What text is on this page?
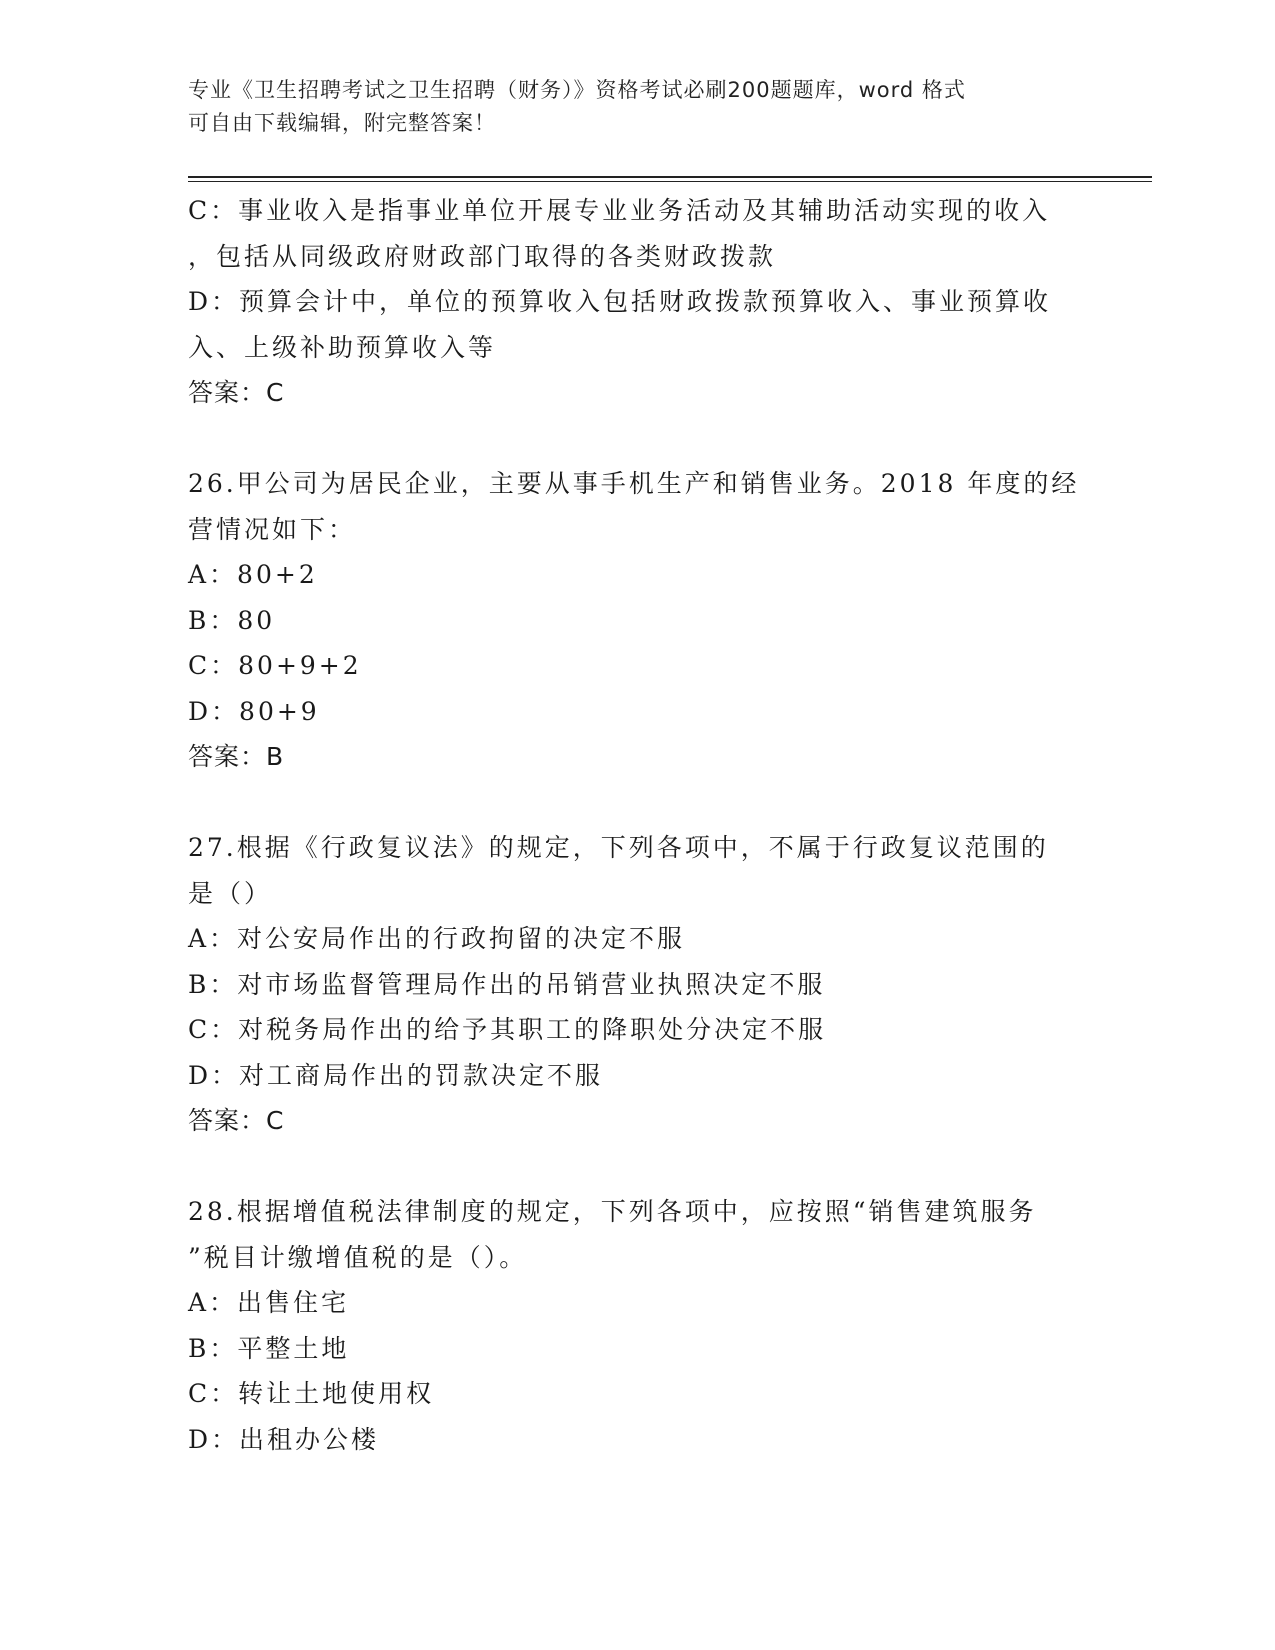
专业《卫生招聘考试之卫生招聘（财务）》资格考试必刷200题题库，word 格式
可自由下载编辑，附完整答案！
C：事业收入是指事业单位开展专业业务活动及其辅助活动实现的收入
，包括从同级政府财政部门取得的各类财政拨款
D：预算会计中，单位的预算收入包括财政拨款预算收入、事业预算收
入、上级补助预算收入等
答案：C
26.甲公司为居民企业，主要从事手机生产和销售业务。2018 年度的经
营情况如下：
A：80+2
B：80
C：80+9+2
D：80+9
答案：B
27.根据《行政复议法》的规定，下列各项中，不属于行政复议范围的
是（）
A：对公安局作出的行政拘留的决定不服
B：对市场监督管理局作出的吊销营业执照决定不服
C：对税务局作出的给予其职工的降职处分决定不服
D：对工商局作出的罚款决定不服
答案：C
28.根据增值税法律制度的规定，下列各项中，应按照“销售建筑服务
”税目计缴增值税的是（）。
A：出售住宅
B：平整土地
C：转让土地使用权
D：出租办公楼
